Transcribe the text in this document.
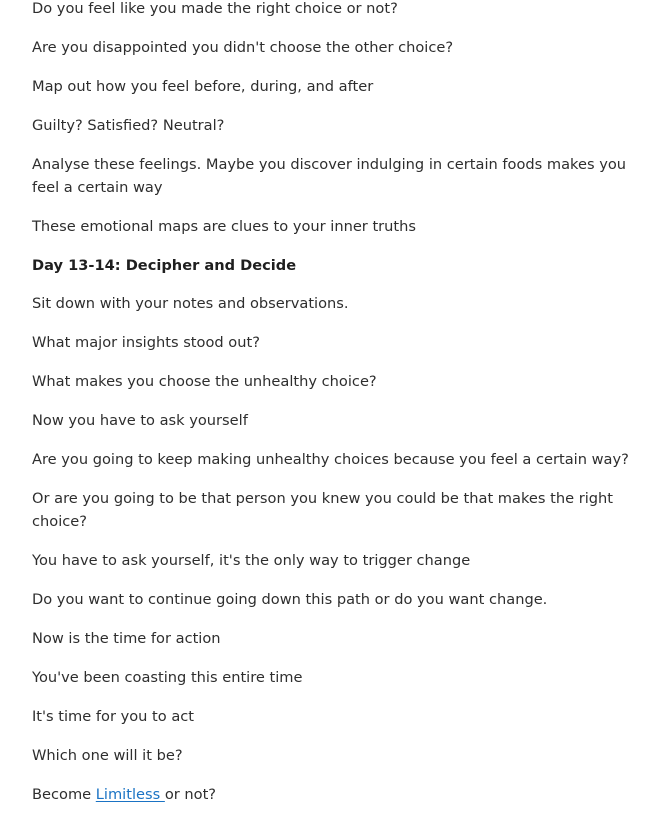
Do you feel like you made the right choice or not?

Are you disappointed you didn't choose the other choice?

Map out how you feel before, during, and after

Guilty? Satisfied? Neutral?

Analyse these feelings. Maybe you discover indulging in certain foods makes you feel a certain way

These emotional maps are clues to your inner truths

Day 13-14: Decipher and Decide

Sit down with your notes and observations.

What major insights stood out?

What makes you choose the unhealthy choice?

Now you have to ask yourself

Are you going to keep making unhealthy choices because you feel a certain way?

Or are you going to be that person you knew you could be that makes the right choice?

You have to ask yourself, it's the only way to trigger change

Do you want to continue going down this path or do you want change.

Now is the time for action

You've been coasting this entire time

It's time for you to act

Which one will it be?

Become Limitless or not?
